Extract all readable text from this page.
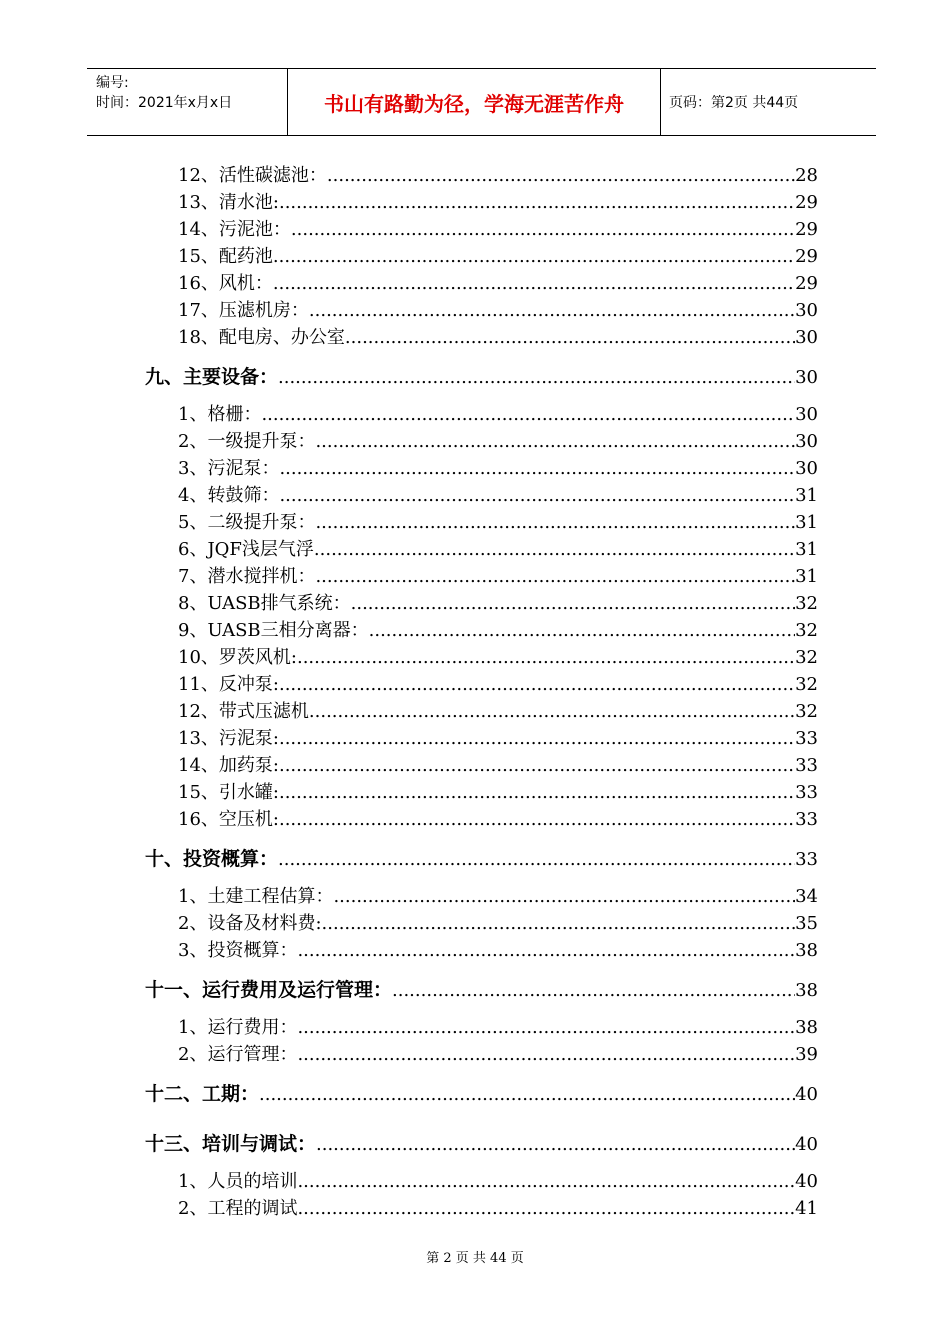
编号:
时间：2021年x月x日	书山有路勤为径，学海无涯苦作舟	页码：第2页 共44页
12、活性碳滤池： .....	28
13、清水池: .....	29
14、污泥池： .....	29
15、配药池 .....	29
16、风机： .....	29
17、压滤机房： .....	30
18、配电房、办公室 .....	30
九、主要设备： .....	30
1、格栅： .....	30
2、一级提升泵： .....	30
3、污泥泵： .....	30
4、转鼓筛： .....	31
5、二级提升泵： .....	31
6、JQF浅层气浮 .....	31
7、潜水搅拌机： .....	31
8、UASB排气系统： .....	32
9、UASB三相分离器： .....	32
10、罗茨风机: .....	32
11、反冲泵: .....	32
12、带式压滤机 .....	32
13、污泥泵: .....	33
14、加药泵: .....	33
15、引水罐: .....	33
16、空压机: .....	33
十、投资概算： .....	33
1、土建工程估算： .....	34
2、设备及材料费: .....	35
3、投资概算： .....	38
十一、运行费用及运行管理： .....	38
1、运行费用： .....	38
2、运行管理： .....	39
十二、工期： .....	40
十三、培训与调试： .....	40
1、人员的培训 .....	40
2、工程的调试 .....	41
第 2 页 共 44 页
